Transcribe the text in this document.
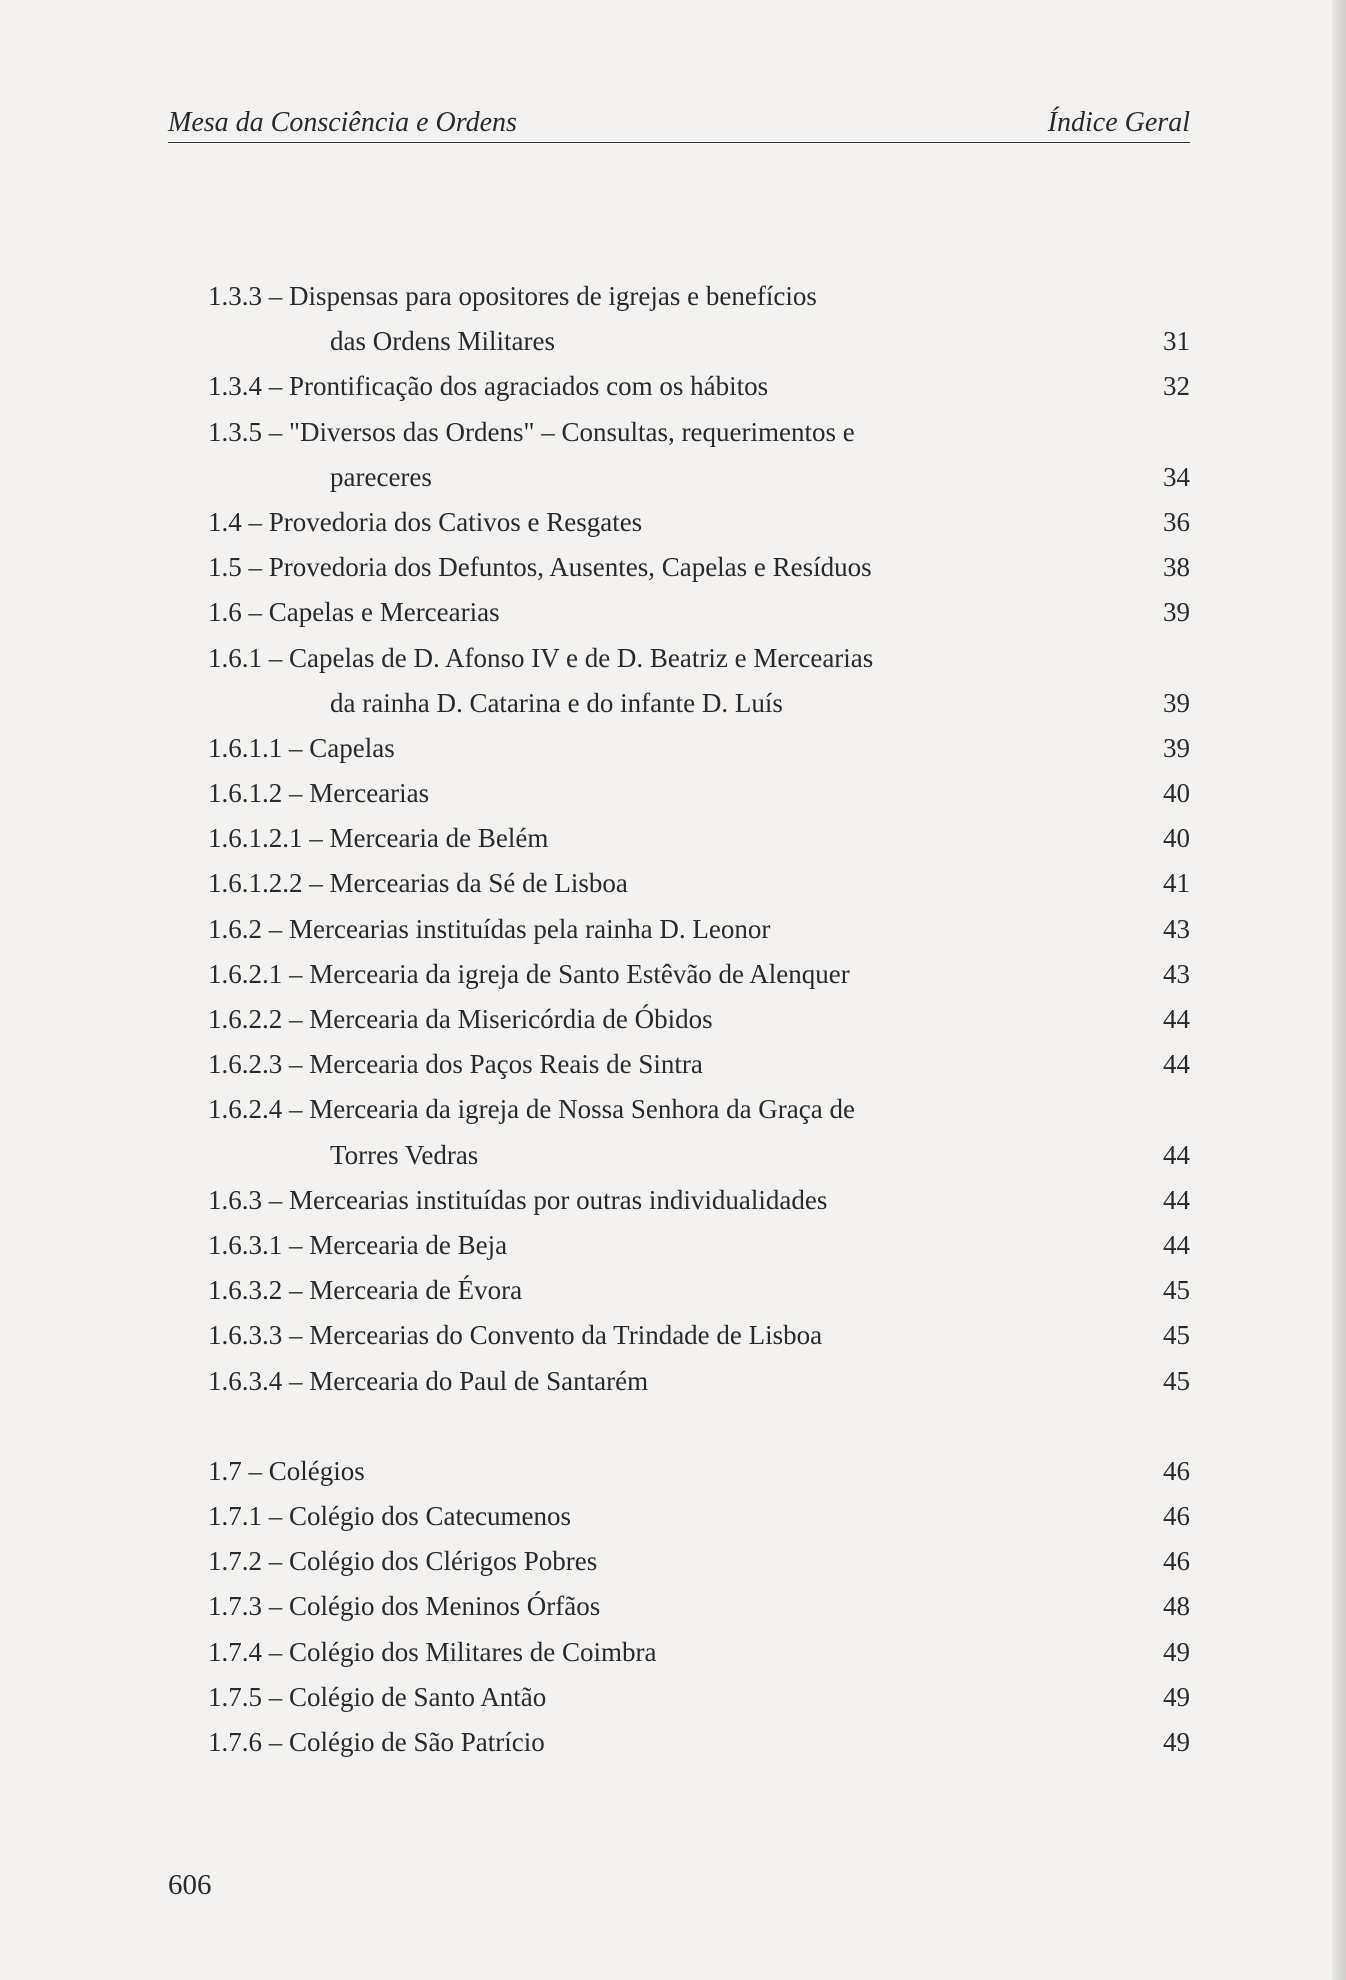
Mesa da Consciência e Ordens	Índice Geral
1.3.3 – Dispensas para opositores de igrejas e benefícios
das Ordens Militares	31
1.3.4 – Prontificação dos agraciados com os hábitos	32
1.3.5 – "Diversos das Ordens" – Consultas, requerimentos e
pareceres	34
1.4 – Provedoria dos Cativos e Resgates	36
1.5 – Provedoria dos Defuntos, Ausentes, Capelas e Resíduos	38
1.6 – Capelas e Mercearias	39
1.6.1 – Capelas de D. Afonso IV e de D. Beatriz e Mercearias
da rainha D. Catarina e do infante D. Luís	39
1.6.1.1 – Capelas	39
1.6.1.2 – Mercearias	40
1.6.1.2.1 – Mercearia de Belém	40
1.6.1.2.2 – Mercearias da Sé de Lisboa	41
1.6.2 – Mercearias instituídas pela rainha D. Leonor	43
1.6.2.1 – Mercearia da igreja de Santo Estêvão de Alenquer	43
1.6.2.2 – Mercearia da Misericórdia de Óbidos	44
1.6.2.3 – Mercearia dos Paços Reais de Sintra	44
1.6.2.4 – Mercearia da igreja de Nossa Senhora da Graça de
Torres Vedras	44
1.6.3 – Mercearias instituídas por outras individualidades	44
1.6.3.1 – Mercearia de Beja	44
1.6.3.2 – Mercearia de Évora	45
1.6.3.3 – Mercearias do Convento da Trindade de Lisboa	45
1.6.3.4 – Mercearia do Paul de Santarém	45
1.7 – Colégios	46
1.7.1 – Colégio dos Catecumenos	46
1.7.2 – Colégio dos Clérigos Pobres	46
1.7.3 – Colégio dos Meninos Órfãos	48
1.7.4 – Colégio dos Militares de Coimbra	49
1.7.5 – Colégio de Santo Antão	49
1.7.6 – Colégio de São Patrício	49
606
